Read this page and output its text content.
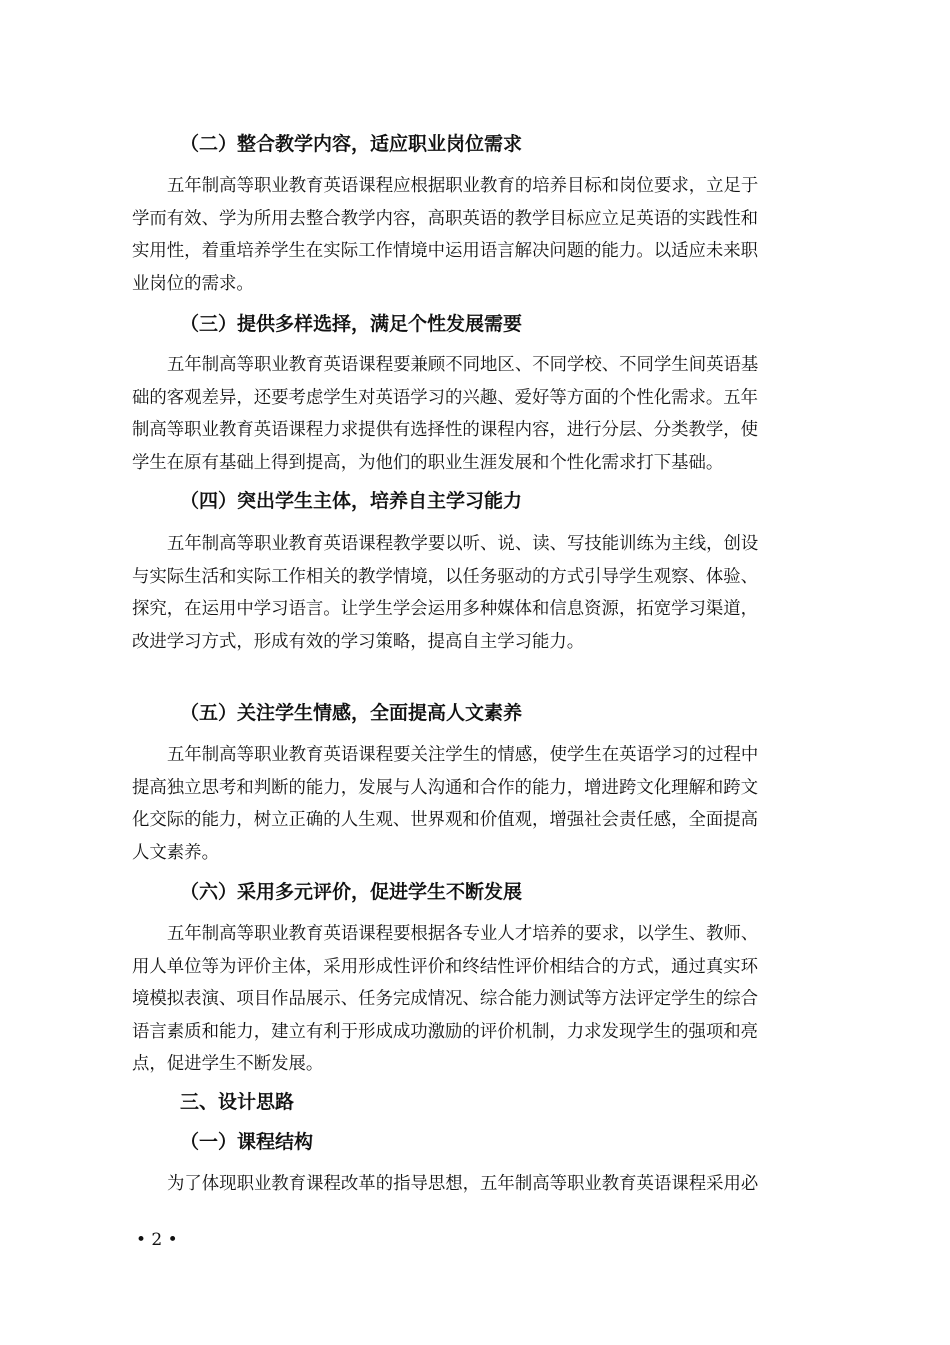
（二）整合教学内容，适应职业岗位需求
五年制高等职业教育英语课程应根据职业教育的培养目标和岗位要求，立足于
学而有效、学为所用去整合教学内容，高职英语的教学目标应立足英语的实践性和
实用性，着重培养学生在实际工作情境中运用语言解决问题的能力。以适应未来职
业岗位的需求。
（三）提供多样选择，满足个性发展需要
五年制高等职业教育英语课程要兼顾不同地区、不同学校、不同学生间英语基
础的客观差异，还要考虑学生对英语学习的兴趣、爱好等方面的个性化需求。五年
制高等职业教育英语课程力求提供有选择性的课程内容，进行分层、分类教学，使
学生在原有基础上得到提高，为他们的职业生涯发展和个性化需求打下基础。
（四）突出学生主体，培养自主学习能力
五年制高等职业教育英语课程教学要以听、说、读、写技能训练为主线，创设
与实际生活和实际工作相关的教学情境，以任务驱动的方式引导学生观察、体验、
探究，在运用中学习语言。让学生学会运用多种媒体和信息资源，拓宽学习渠道，
改进学习方式，形成有效的学习策略，提高自主学习能力。
（五）关注学生情感，全面提高人文素养
五年制高等职业教育英语课程要关注学生的情感，使学生在英语学习的过程中
提高独立思考和判断的能力，发展与人沟通和合作的能力，增进跨文化理解和跨文
化交际的能力，树立正确的人生观、世界观和价值观，增强社会责任感，全面提高
人文素养。
（六）采用多元评价，促进学生不断发展
五年制高等职业教育英语课程要根据各专业人才培养的要求，以学生、教师、
用人单位等为评价主体，采用形成性评价和终结性评价相结合的方式，通过真实环
境模拟表演、项目作品展示、任务完成情况、综合能力测试等方法评定学生的综合
语言素质和能力，建立有利于形成成功激励的评价机制，力求发现学生的强项和亮
点，促进学生不断发展。
三、设计思路
（一）课程结构
为了体现职业教育课程改革的指导思想，五年制高等职业教育英语课程采用必
• 2 •
